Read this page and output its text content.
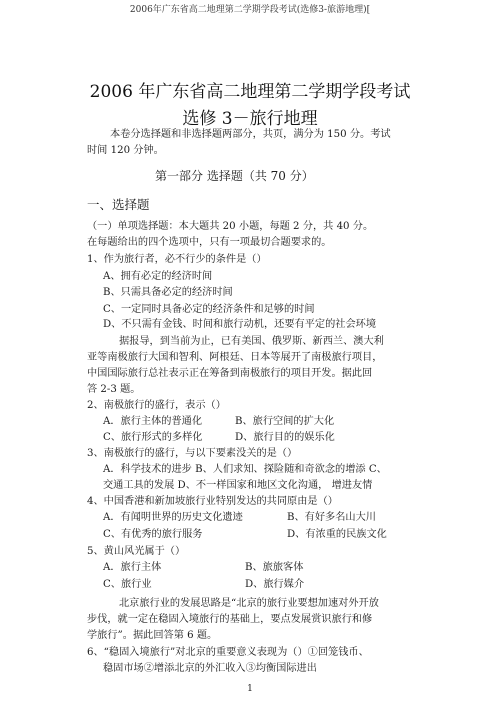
2006年广东省高二地理第二学期学段考试(选修3-旅游地理)[
2006 年广东省高二地理第二学期学段考试
选修 3－旅行地理
本卷分选择题和非选择题两部分，共页，满分为 150 分。考试
时间 120 分钟。
第一部分 选择题（共 70 分）
一、选择题
（一）单项选择题：本大题共 20 小题，每题 2 分，共 40 分。
在每题给出的四个选项中，只有一项最切合题要求的。
1、作为旅行者，必不行少的条件是（）
A、拥有必定的经济时间
B、只需具备必定的经济时间
C、一定同时具备必定的经济条件和足够的时间
D、不只需有金钱、时间和旅行动机，还要有平定的社会环境
据报导，到当前为止，已有美国、俄罗斯、新西兰、澳大利
亚等南极旅行大国和智利、阿根廷、日本等展开了南极旅行项目，
中国国际旅行总社表示正在筹备到南极旅行的项目开发。据此回
答 2-3 题。
2、南极旅行的盛行，表示（）
A．旅行主体的普通化	B、旅行空间的扩大化
C、旅行形式的多样化	D、旅行目的的娱乐化
3、南极旅行的盛行，与以下要素没关的是（）
A．科学技术的进步 B、人们求知、探险随和奇欲念的增添 C、
交通工具的发展 D、不一样国家和地区文化沟通， 增进友情
4、中国香港和新加坡旅行业特别发达的共同原由是（）
A．有闻明世界的历史文化遗迹	B、有好多名山大川
C、有优秀的旅行服务	D、有浓重的民族文化
5、黄山风光属于（）
A．旅行主体	B、旅旅客体
C、旅行业	D、旅行媒介
北京旅行业的发展思路是“北京的旅行业要想加速对外开放
步伐，就一定在稳固入境旅行的基础上，要点发展赏识旅行和修
学旅行”。据此回答第 6 题。
6、“稳固入境旅行”对北京的重要意义表现为（）①回笼钱币、
稳固市场②增添北京的外汇收入③均衡国际进出
1
